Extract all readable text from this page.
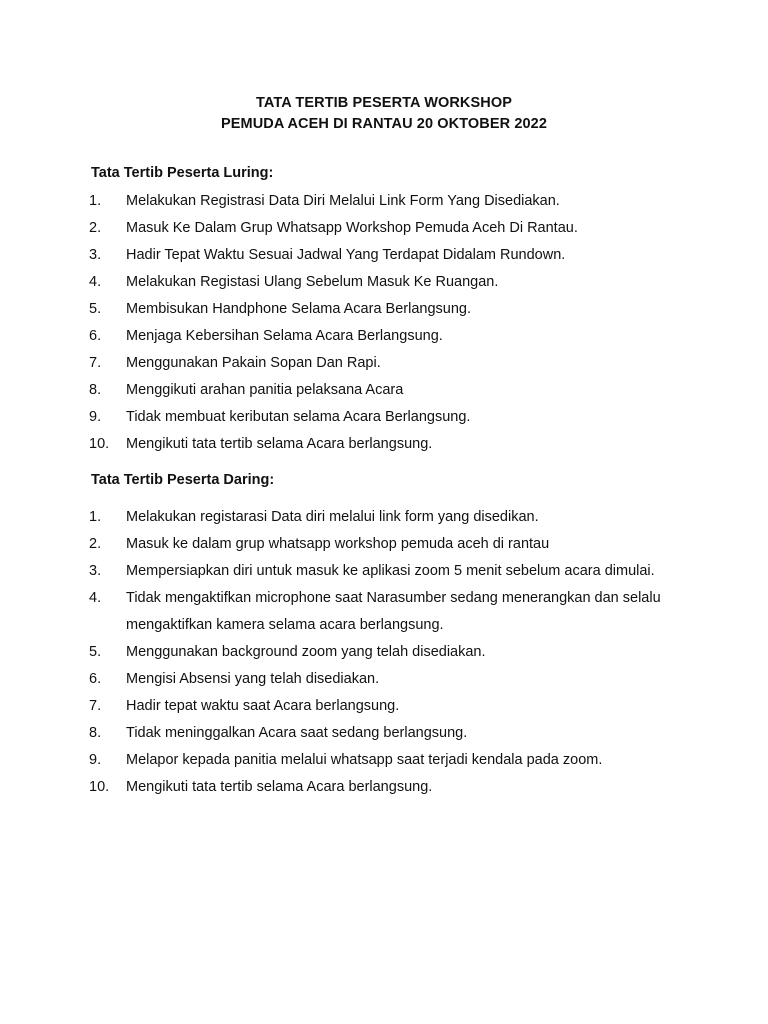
TATA TERTIB PESERTA WORKSHOP
PEMUDA ACEH DI RANTAU 20 OKTOBER 2022
Tata Tertib Peserta Luring:
1. Melakukan Registrasi Data Diri Melalui Link Form Yang Disediakan.
2. Masuk Ke Dalam Grup Whatsapp Workshop Pemuda Aceh Di Rantau.
3. Hadir Tepat Waktu Sesuai Jadwal Yang Terdapat Didalam Rundown.
4. Melakukan Registasi Ulang Sebelum Masuk Ke Ruangan.
5. Membisukan Handphone Selama Acara Berlangsung.
6. Menjaga Kebersihan Selama Acara Berlangsung.
7. Menggunakan Pakain Sopan Dan Rapi.
8. Menggikuti arahan panitia pelaksana Acara
9. Tidak membuat keributan selama Acara Berlangsung.
10. Mengikuti tata tertib selama Acara berlangsung.
Tata Tertib Peserta Daring:
1. Melakukan registarasi Data diri melalui link form yang disedikan.
2. Masuk ke dalam grup whatsapp workshop pemuda aceh di rantau
3. Mempersiapkan diri untuk masuk ke aplikasi zoom 5 menit sebelum acara dimulai.
4. Tidak mengaktifkan microphone saat Narasumber sedang menerangkan dan selalu mengaktifkan kamera selama acara berlangsung.
5. Menggunakan background zoom yang telah disediakan.
6. Mengisi Absensi yang telah disediakan.
7. Hadir tepat waktu saat Acara berlangsung.
8. Tidak meninggalkan Acara saat sedang berlangsung.
9. Melapor kepada panitia melalui whatsapp saat terjadi kendala pada zoom.
10. Mengikuti tata tertib selama Acara berlangsung.
